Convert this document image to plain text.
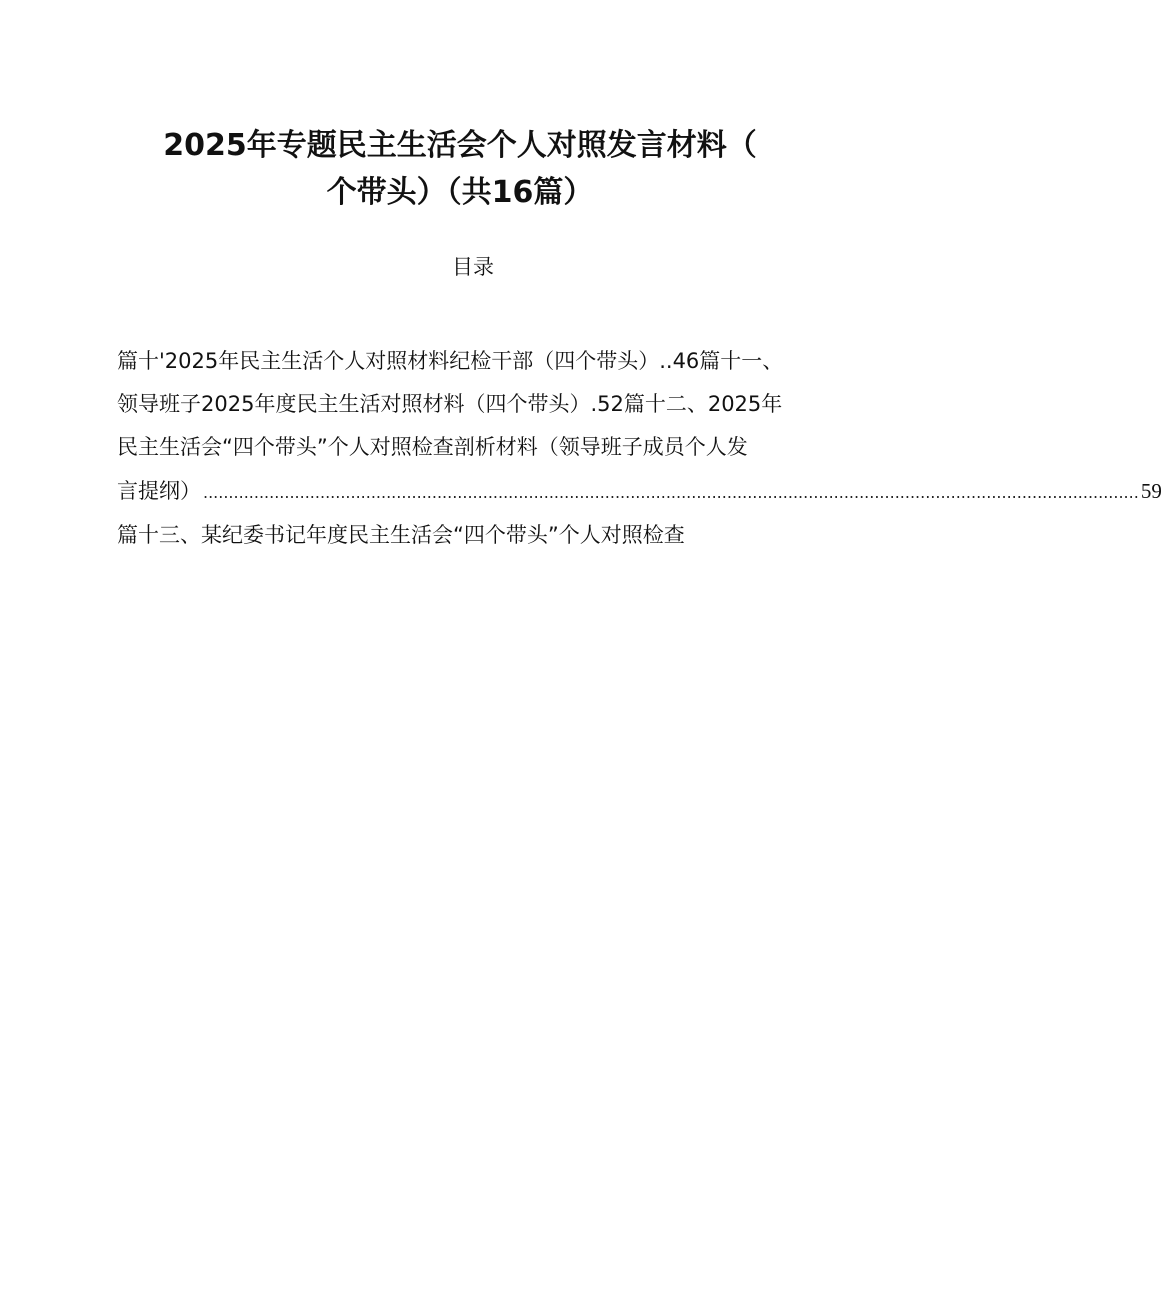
2025年专题民主生活会个人对照发言材料（
个带头）（共16篇）
目录
篇十'2025年民主生活个人对照材料纪检干部（四个带头）..46篇十一、
领导班子2025年度民主生活对照材料（四个带头）.52篇十二、2025年
民主生活会“四个带头”个人对照检查剖析材料（领导班子成员个人发
言提纲） ........................................................................................................................................................................................ 59
篇十三、某纪委书记年度民主生活会“四个带头”个人对照检查
